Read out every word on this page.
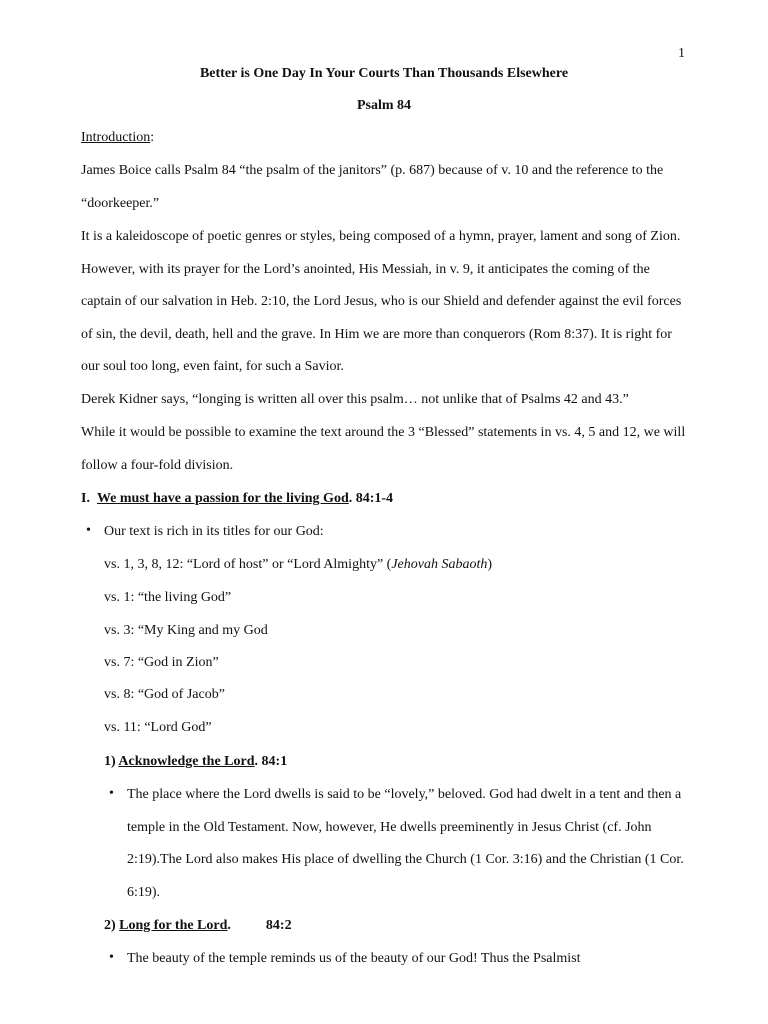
1
Better is One Day In Your Courts Than Thousands Elsewhere
Psalm 84
Introduction:
James Boice calls Psalm 84 “the psalm of the janitors” (p. 687) because of v. 10 and the reference to the
“doorkeeper.”
It is a kaleidoscope of poetic genres or styles, being composed of a hymn, prayer, lament and song of Zion.
However, with its prayer for the Lord’s anointed, His Messiah, in v. 9, it anticipates the coming of the
captain of our salvation in Heb. 2:10, the Lord Jesus, who is our Shield and defender against the evil forces
of sin, the devil, death, hell and the grave. In Him we are more than conquerors (Rom 8:37). It is right for
our soul too long, even faint, for such a Savior.
Derek Kidner says, “longing is written all over this psalm… not unlike that of Psalms 42 and 43.”
While it would be possible to examine the text around the 3 “Blessed” statements in vs. 4, 5 and 12, we will
follow a four-fold division.
I. We must have a passion for the living God. 84:1-4
• Our text is rich in its titles for our God:
vs. 1, 3, 8, 12: “Lord of host” or “Lord Almighty” (Jehovah Sabaoth)
vs. 1: “the living God”
vs. 3: “My King and my God
vs. 7: “God in Zion”
vs. 8: “God of Jacob”
vs. 11: “Lord God”
1) Acknowledge the Lord. 84:1
• The place where the Lord dwells is said to be “lovely,” beloved. God had dwelt in a tent and then a
temple in the Old Testament. Now, however, He dwells preeminently in Jesus Christ (cf. John
2:19).The Lord also makes His place of dwelling the Church (1 Cor. 3:16) and the Christian (1 Cor.
6:19).
2) Long for the Lord.          84:2
• The beauty of the temple reminds us of the beauty of our God! Thus the Psalmist
